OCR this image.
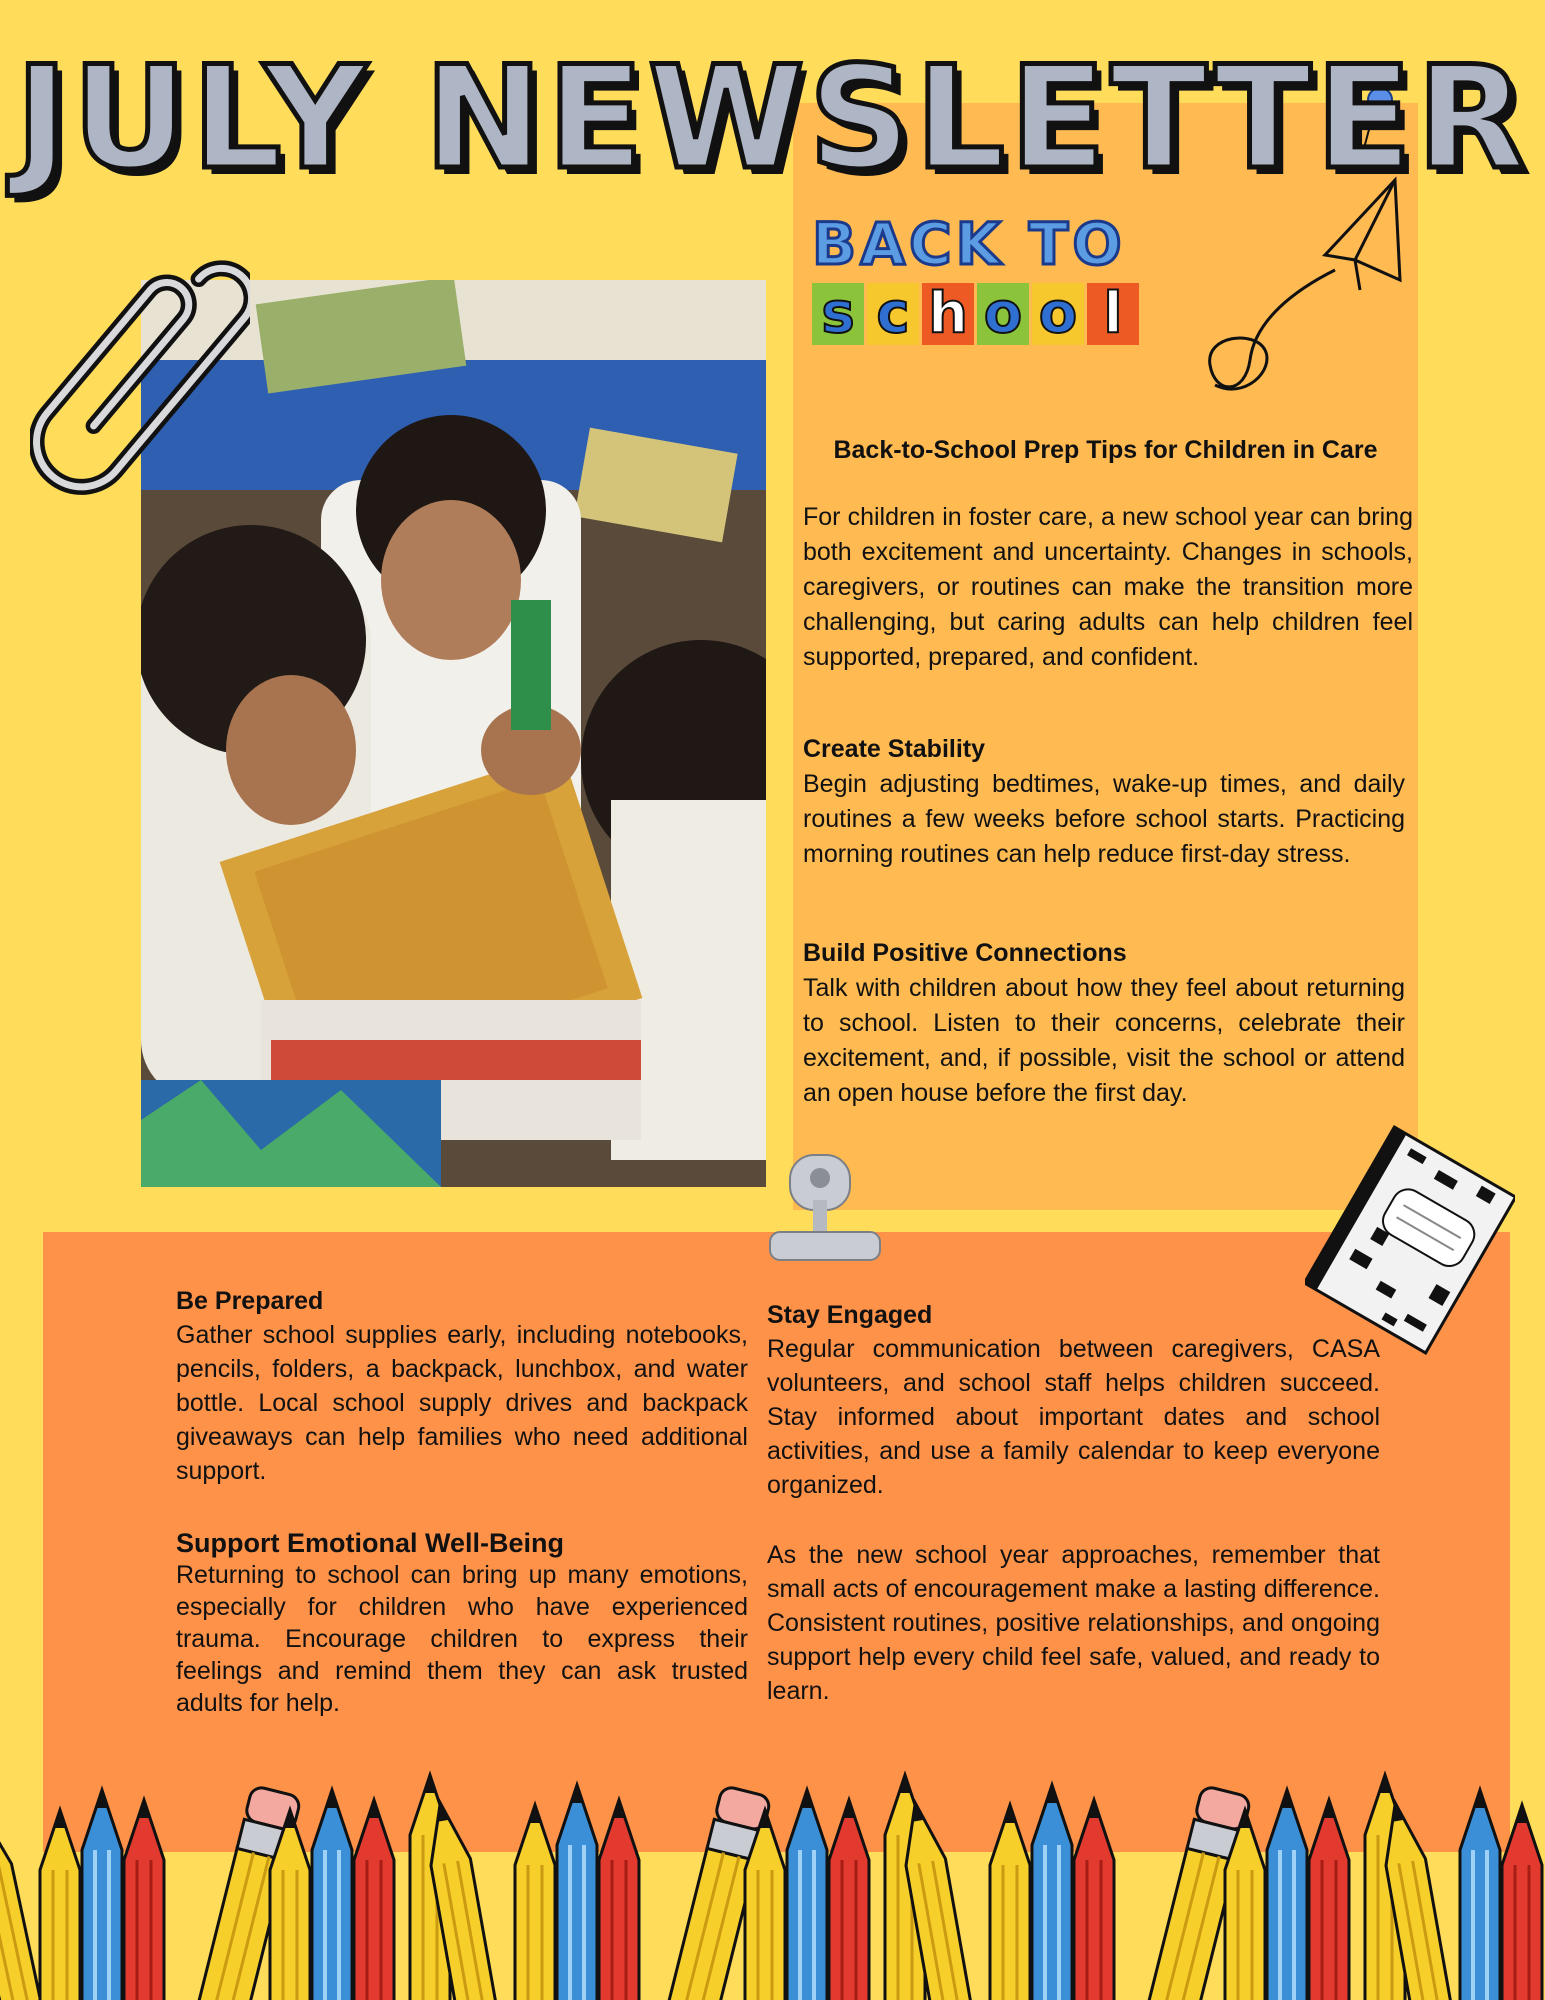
JULY NEWSLETTER
BACK TO
s c h o o l
Back-to-School Prep Tips for Children in Care

For children in foster care, a new school year can bring both excitement and uncertainty. Changes in schools, caregivers, or routines can make the transition more challenging, but caring adults can help children feel supported, prepared, and confident.

Create Stability
Begin adjusting bedtimes, wake-up times, and daily routines a few weeks before school starts. Practicing morning routines can help reduce first-day stress.
Build Positive Connections
Talk with children about how they feel about returning to school. Listen to their concerns, celebrate their excitement, and, if possible, visit the school or attend an open house before the first day.
Be Prepared
Gather school supplies early, including notebooks, pencils, folders, a backpack, lunchbox, and water bottle. Local school supply drives and backpack giveaways can help families who need additional support.
Support Emotional Well-Being
Returning to school can bring up many emotions, especially for children who have experienced trauma. Encourage children to express their feelings and remind them they can ask trusted adults for help.
Stay Engaged
Regular communication between caregivers, CASA volunteers, and school staff helps children succeed. Stay informed about important dates and school activities, and use a family calendar to keep everyone organized.

As the new school year approaches, remember that small acts of encouragement make a lasting difference. Consistent routines, positive relationships, and ongoing support help every child feel safe, valued, and ready to learn.
